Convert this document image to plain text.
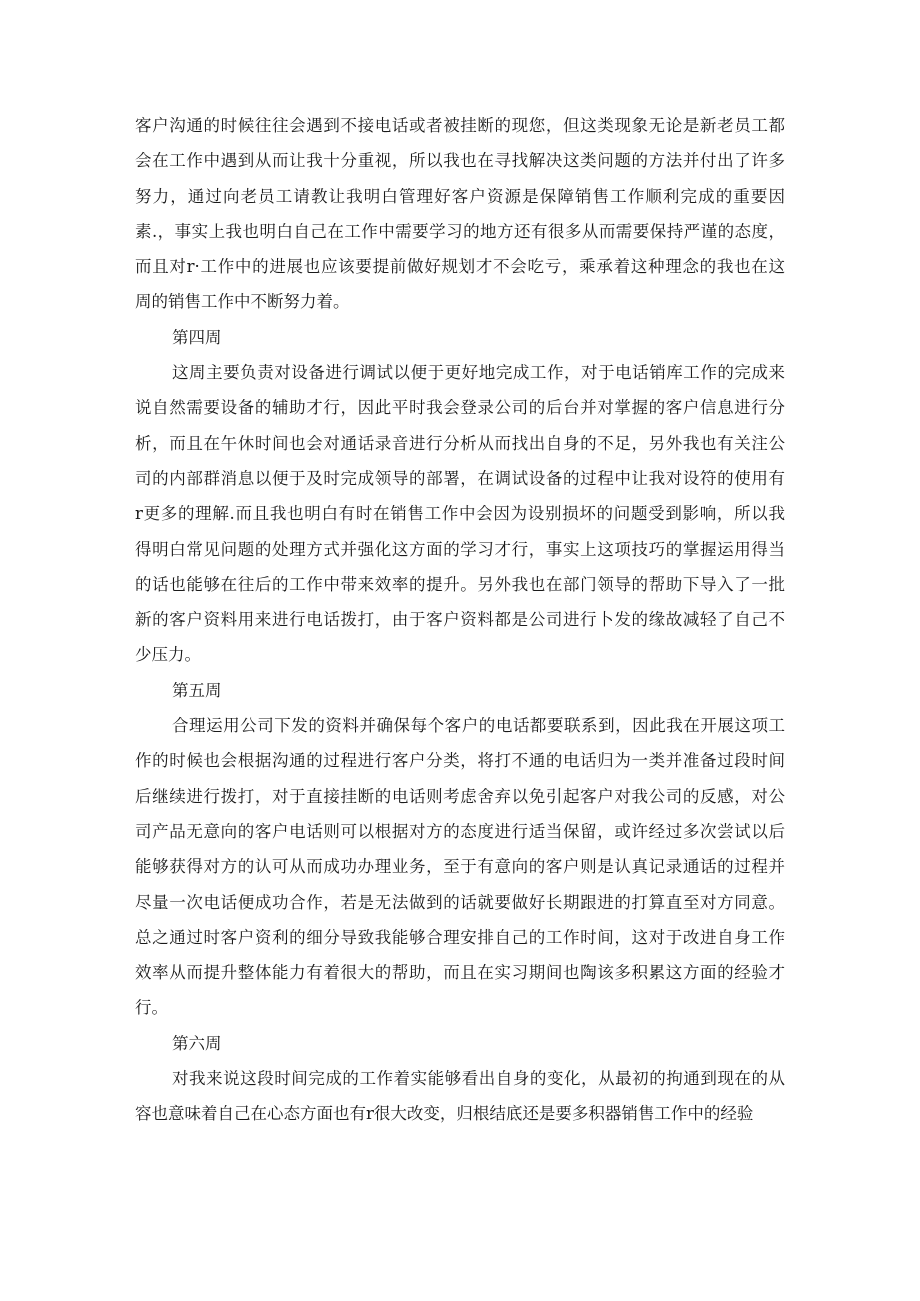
客户沟通的时候往往会遇到不接电话或者被挂断的现您，但这类现象无论是新老员工都
会在工作中遇到从而让我十分重视，所以我也在寻找解决这类问题的方法并付出了许多
努力，通过向老员工请教让我明白管理好客户资源是保障销售工作顺利完成的重要因
素.，事实上我也明白自己在工作中需要学习的地方还有很多从而需要保持严谨的态度，
而且对r·工作中的进展也应该要提前做好规划才不会吃亏，乘承着这种理念的我也在这
周的销售工作中不断努力着。
第四周
这周主要负责对设备进行调试以便于更好地完成工作，对于电话销库工作的完成来
说自然需要设备的辅助才行，因此平时我会登录公司的后台并对掌握的客户信息进行分
析，而且在午休时间也会对通话录音进行分析从而找出自身的不足，另外我也有关注公
司的内部群消息以便于及时完成领导的部署，在调试设备的过程中让我对设符的使用有
r更多的理解.而且我也明白有时在销售工作中会因为设别损坏的问题受到影响，所以我
得明白常见问题的处理方式并强化这方面的学习才行，事实上这项技巧的掌握运用得当
的话也能够在往后的工作中带来效率的提升。另外我也在部门领导的帮助下导入了一批
新的客户资料用来进行电话拨打，由于客户资料都是公司进行卜发的缘故减轻了自己不
少压力。
第五周
合理运用公司下发的资料并确保每个客户的电话都要联系到，因此我在开展这项工
作的时候也会根据沟通的过程进行客户分类，将打不通的电话归为一类并准备过段时间
后继续进行拨打，对于直接挂断的电话则考虑舍弃以免引起客户对我公司的反感，对公
司产品无意向的客户电话则可以根据对方的态度进行适当保留，或许经过多次尝试以后
能够获得对方的认可从而成功办理业务，至于有意向的客户则是认真记录通话的过程并
尽量一次电话便成功合作，若是无法做到的话就要做好长期跟进的打算直至对方同意。
总之通过时客户资利的细分导致我能够合理安排自己的工作时间，这对于改进自身工作
效率从而提升整体能力有着很大的帮助，而且在实习期间也陶该多积累这方面的经验才
行。
第六周
对我来说这段时间完成的工作着实能够看出自身的变化，从最初的拘通到现在的从
容也意味着自己在心态方面也有r很大改变，归根结底还是要多积器销售工作中的经验
